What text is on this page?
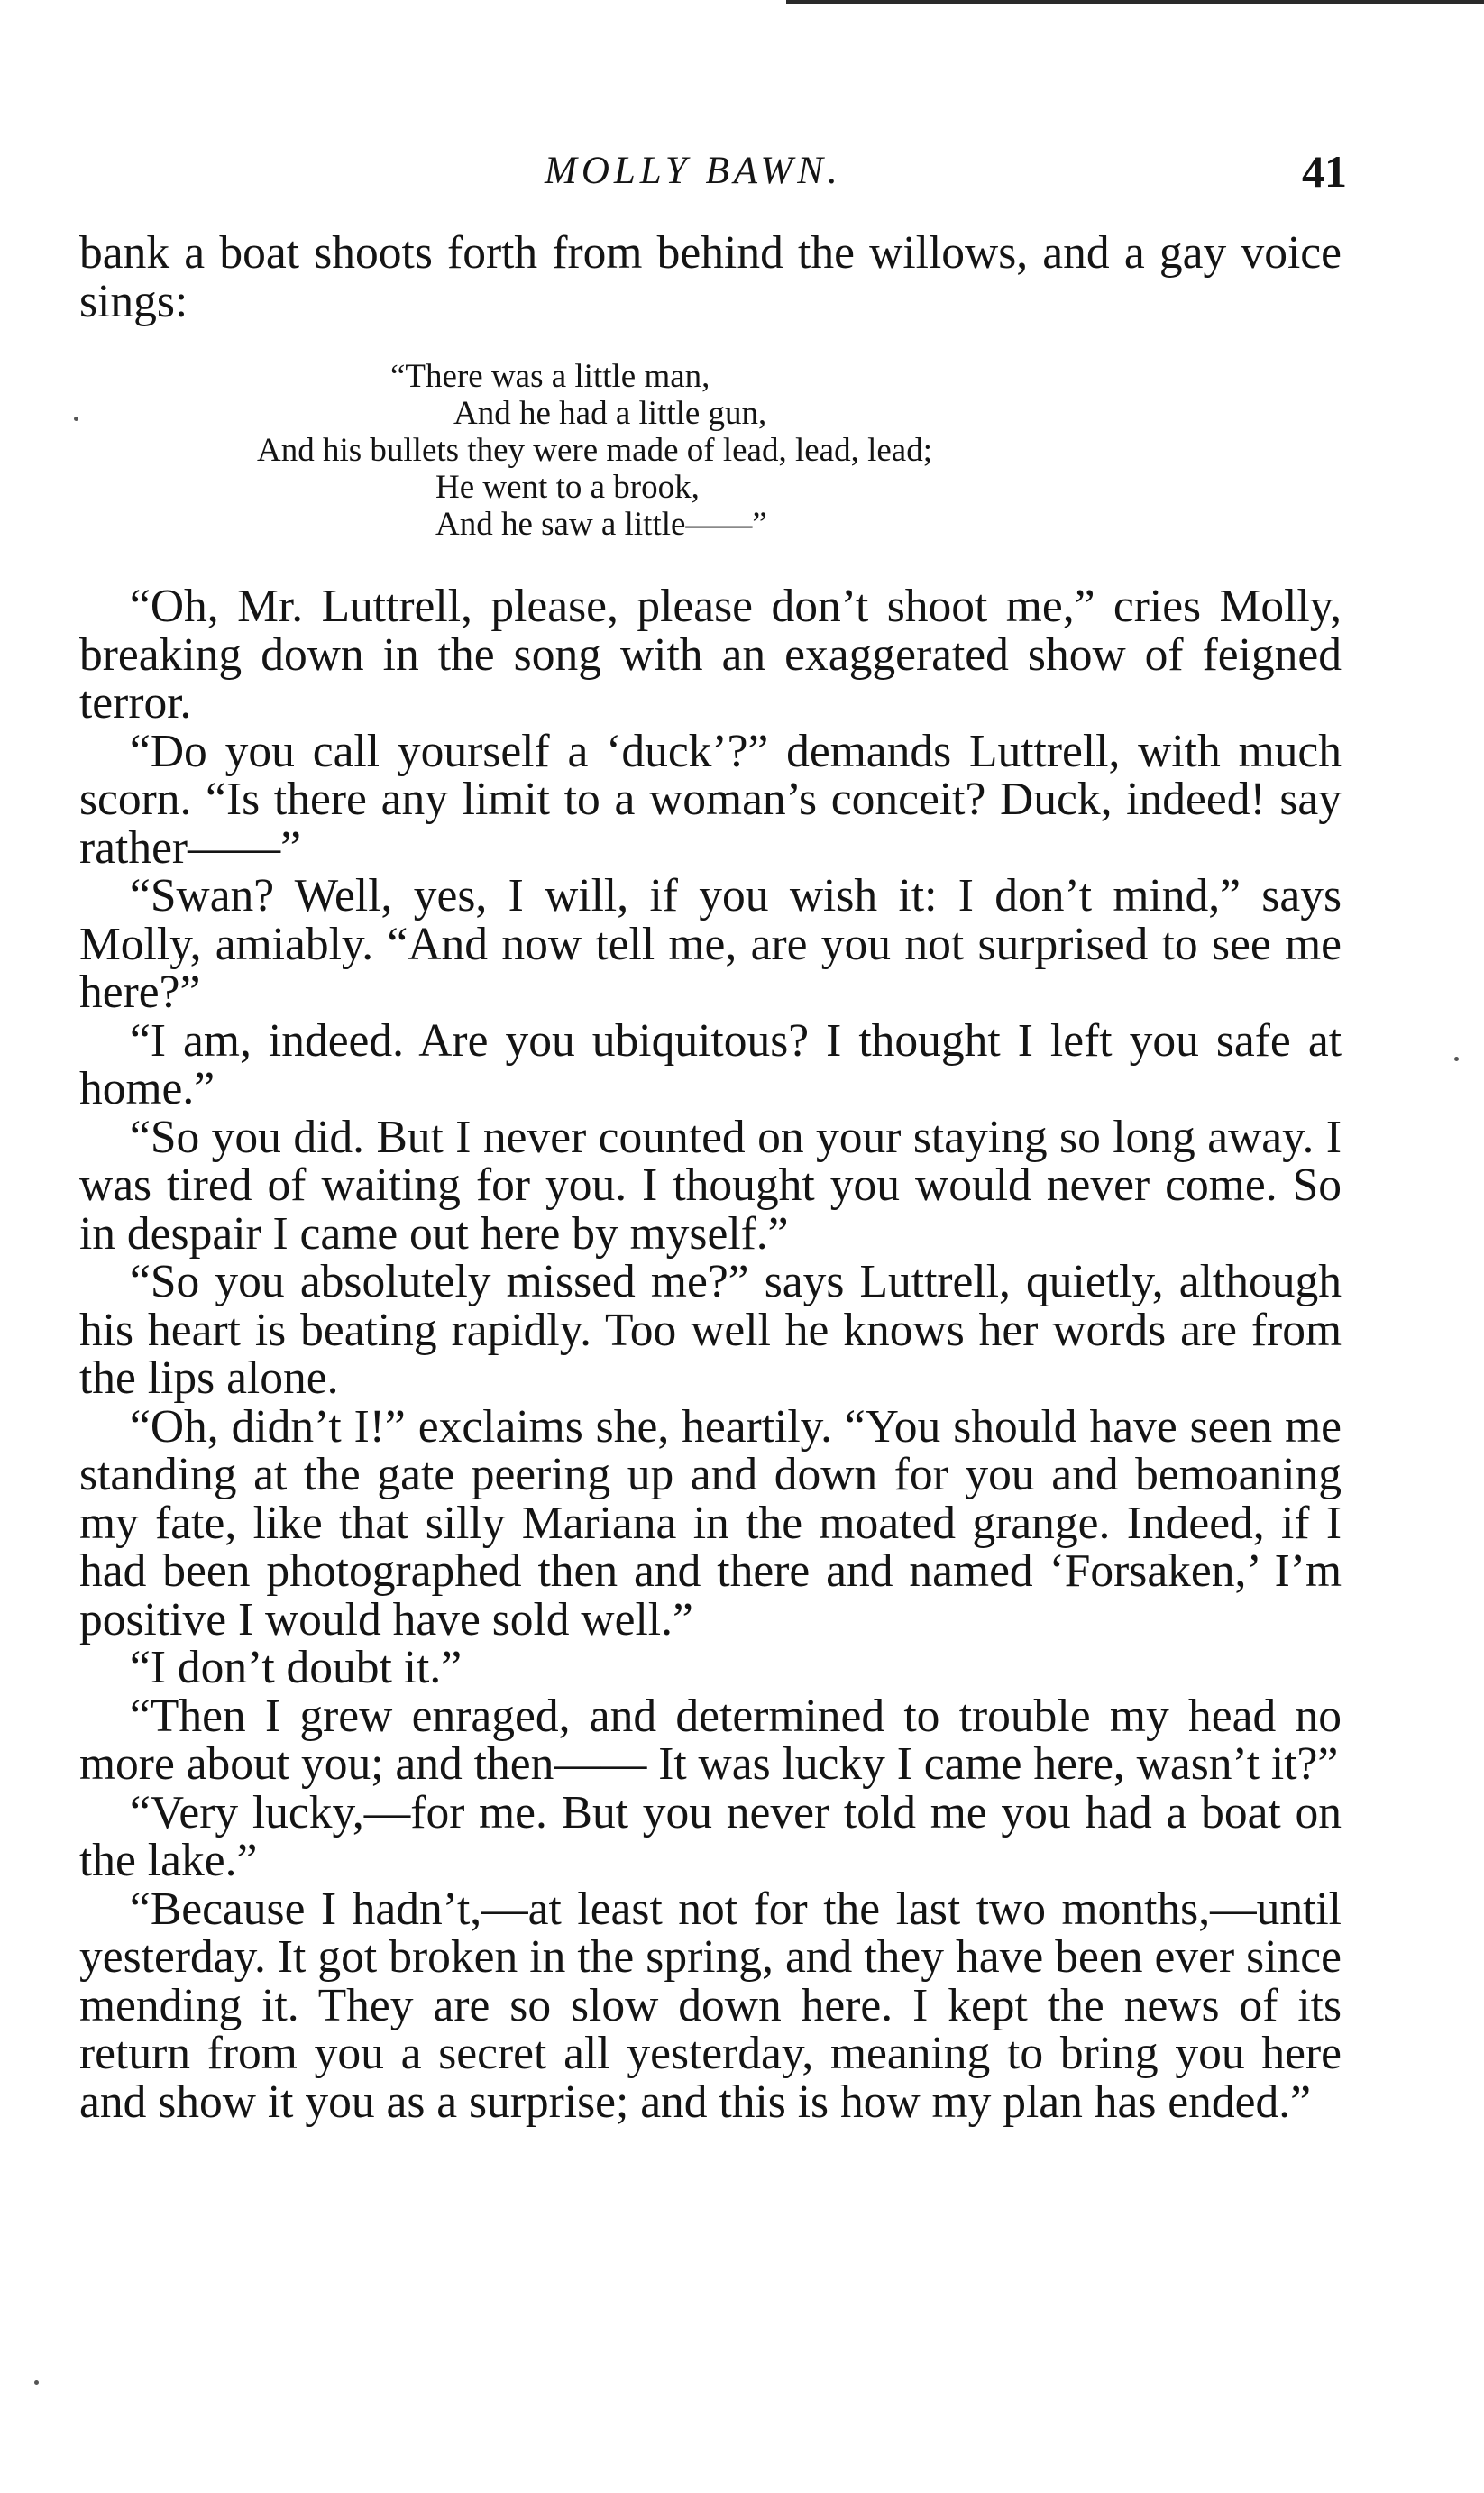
MOLLY BAWN.	41

bank a boat shoots forth from behind the willows, and a gay voice sings:

“There was a little man,
And he had a little gun,
And his bullets they were made of lead, lead, lead;
He went to a brook,
And he saw a little——”

“Oh, Mr. Luttrell, please, please don’t shoot me,” cries Molly, breaking down in the song with an exaggerated show of feigned terror.

“Do you call yourself a ‘duck’?” demands Luttrell, with much scorn. “Is there any limit to a woman’s conceit? Duck, indeed! say rather——”

“Swan? Well, yes, I will, if you wish it: I don’t mind,” says Molly, amiably. “And now tell me, are you not surprised to see me here?”

“I am, indeed. Are you ubiquitous? I thought I left you safe at home.”

“So you did. But I never counted on your staying so long away. I was tired of waiting for you. I thought you would never come. So in despair I came out here by myself.”

“So you absolutely missed me?” says Luttrell, quietly, although his heart is beating rapidly. Too well he knows her words are from the lips alone.

“Oh, didn’t I!” exclaims she, heartily. “You should have seen me standing at the gate peering up and down for you and bemoaning my fate, like that silly Mariana in the moated grange. Indeed, if I had been photographed then and there and named ‘Forsaken,’ I’m positive I would have sold well.”

“I don’t doubt it.”

“Then I grew enraged, and determined to trouble my head no more about you; and then—— It was lucky I came here, wasn’t it?”

“Very lucky,—for me. But you never told me you had a boat on the lake.”

“Because I hadn’t,—at least not for the last two months,—until yesterday. It got broken in the spring, and they have been ever since mending it. They are so slow down here. I kept the news of its return from you a secret all yesterday, meaning to bring you here and show it you as a surprise; and this is how my plan has ended.”
